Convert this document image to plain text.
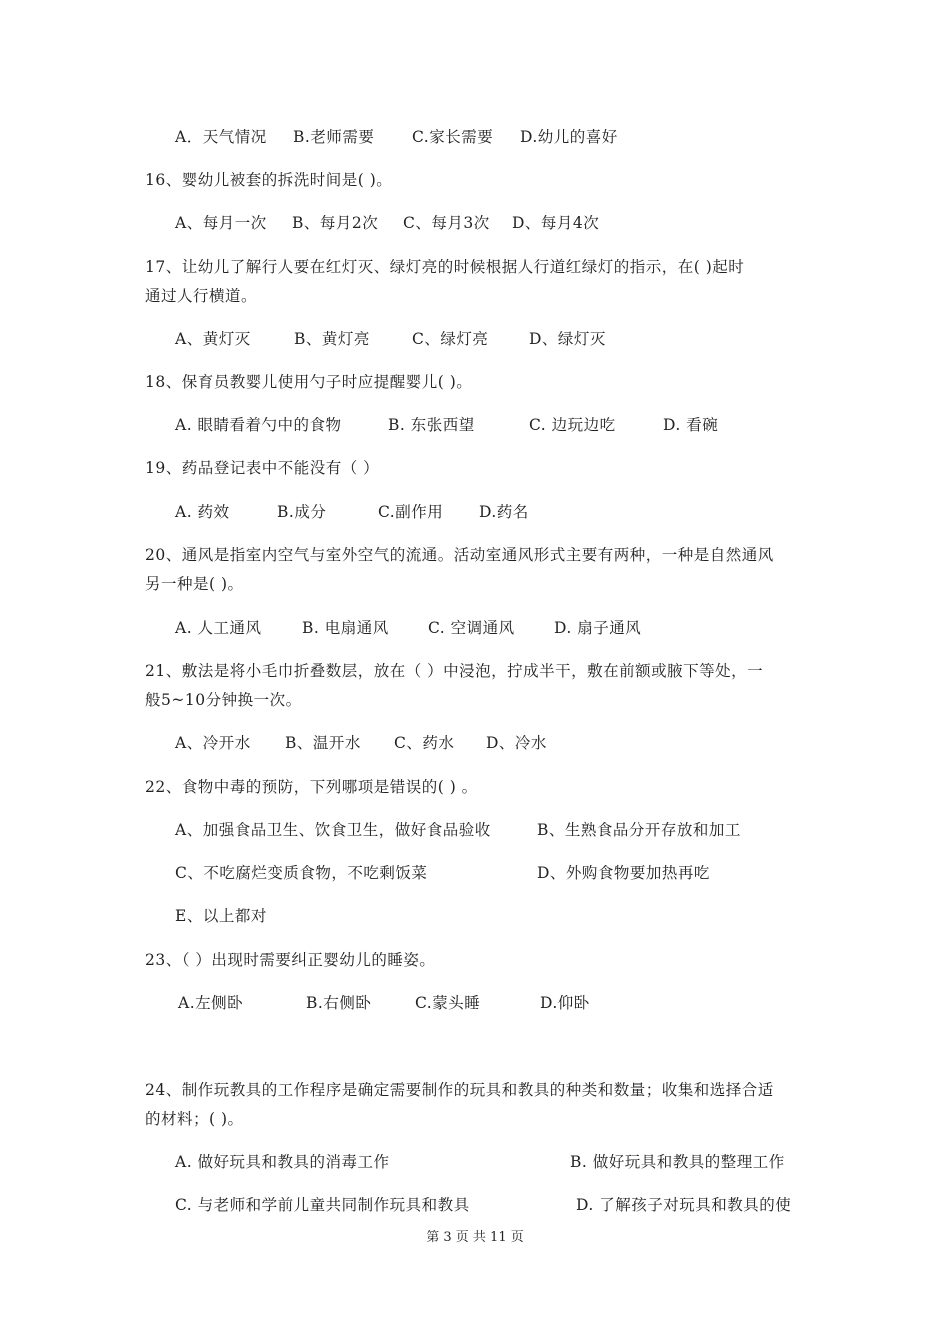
A．天气情况 B.老师需要 C.家长需要 D.幼儿的喜好
16、婴幼儿被套的拆洗时间是( )。
A、每月一次 B、每月2次 C、每月3次 D、每月4次
17、让幼儿了解行人要在红灯灭、绿灯亮的时候根据人行道红绿灯的指示，在( )起时
通过人行横道。
A、黄灯灭	B、黄灯亮	C、绿灯亮	D、绿灯灭
18、保育员教婴儿使用勺子时应提醒婴儿( )。
A. 眼睛看着勺中的食物	B. 东张西望	C. 边玩边吃	D. 看碗
19、药品登记表中不能没有（ ）
A. 药效	B.成分	C.副作用 D.药名
20、通风是指室内空气与室外空气的流通。活动室通风形式主要有两种，一种是自然通风
另一种是( )。
A. 人工通风	B. 电扇通风	C. 空调通风	D. 扇子通风
21、敷法是将小毛巾折叠数层，放在（ ）中浸泡，拧成半干，敷在前额或腋下等处，一
般5~10分钟换一次。
A、冷开水 B、温开水 C、药水 D、冷水
22、食物中毒的预防，下列哪项是错误的( ) 。
A、加强食品卫生、饮食卫生，做好食品验收	B、生熟食品分开存放和加工
C、不吃腐烂变质食物，不吃剩饭菜	D、外购食物要加热再吃
E、以上都对
23、（ ）出现时需要纠正婴幼儿的睡姿。
A.左侧卧	B.右侧卧	C.蒙头睡	D.仰卧
24、制作玩教具的工作程序是确定需要制作的玩具和教具的种类和数量；收集和选择合适
的材料；( )。
A. 做好玩具和教具的消毒工作	B. 做好玩具和教具的整理工作
C. 与老师和学前儿童共同制作玩具和教具	D. 了解孩子对玩具和教具的使
第 3 页 共 11 页
